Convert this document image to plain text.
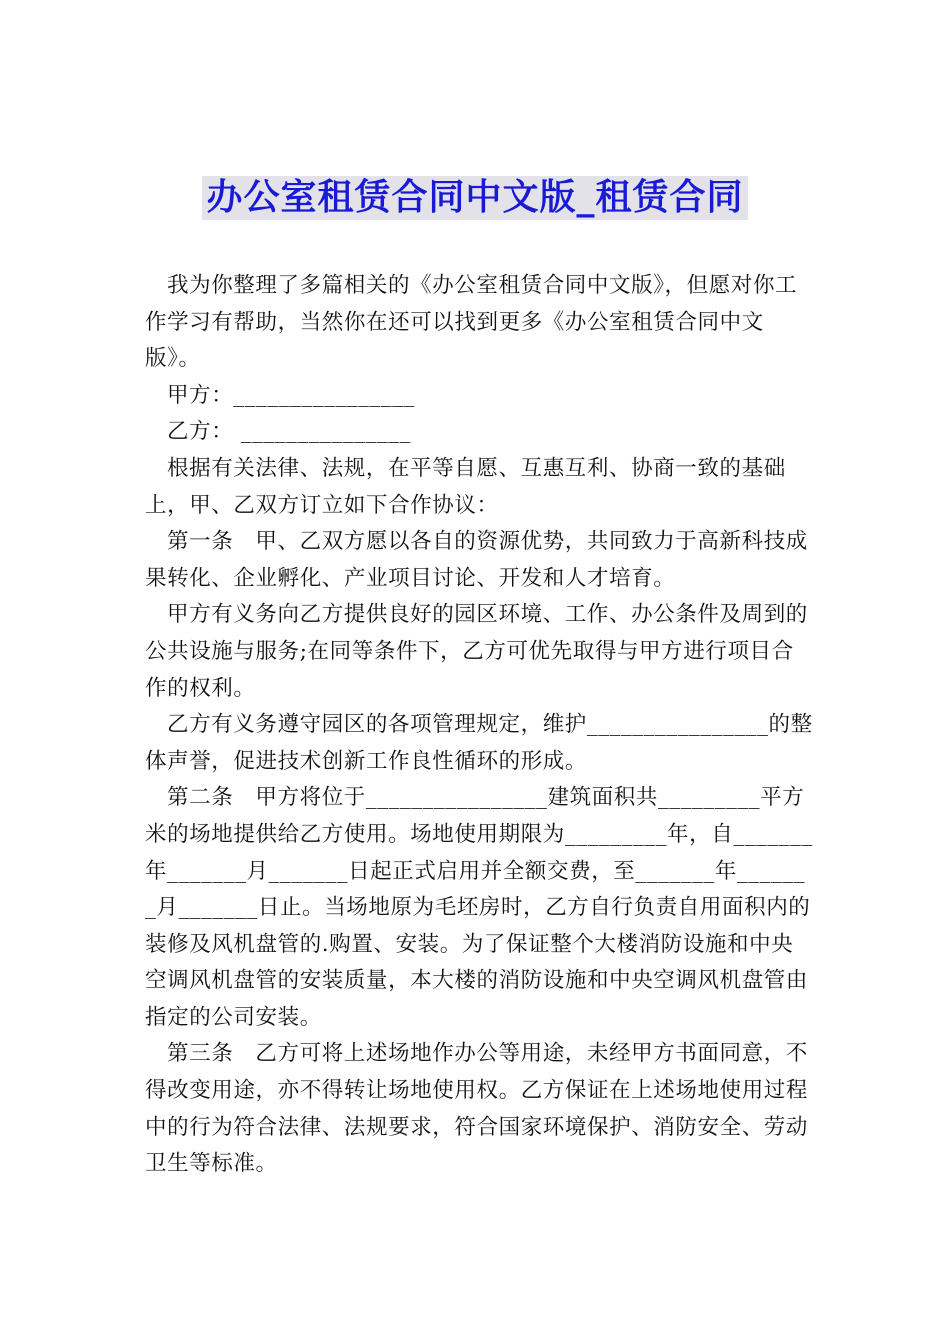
办公室租赁合同中文版_租赁合同

我为你整理了多篇相关的《办公室租赁合同中文版》，但愿对你工作学习有帮助，当然你在还可以找到更多《办公室租赁合同中文版》。

甲方：________________

乙方： _______________

根据有关法律、法规，在平等自愿、互惠互利、协商一致的基础上，甲、乙双方订立如下合作协议：

第一条　甲、乙双方愿以各自的资源优势，共同致力于高新科技成果转化、企业孵化、产业项目讨论、开发和人才培育。

甲方有义务向乙方提供良好的园区环境、工作、办公条件及周到的公共设施与服务;在同等条件下，乙方可优先取得与甲方进行项目合作的权利。

乙方有义务遵守园区的各项管理规定，维护________________的整体声誉，促进技术创新工作良性循环的形成。

第二条　甲方将位于________________建筑面积共_________平方米的场地提供给乙方使用。场地使用期限为_________年，自_______年_______月_______日起正式启用并全额交费，至_______年_______月_______日止。当场地原为毛坯房时，乙方自行负责自用面积内的装修及风机盘管的.购置、安装。为了保证整个大楼消防设施和中央空调风机盘管的安装质量，本大楼的消防设施和中央空调风机盘管由指定的公司安装。

第三条　乙方可将上述场地作办公等用途，未经甲方书面同意，不得改变用途，亦不得转让场地使用权。乙方保证在上述场地使用过程中的行为符合法律、法规要求，符合国家环境保护、消防安全、劳动卫生等标准。
